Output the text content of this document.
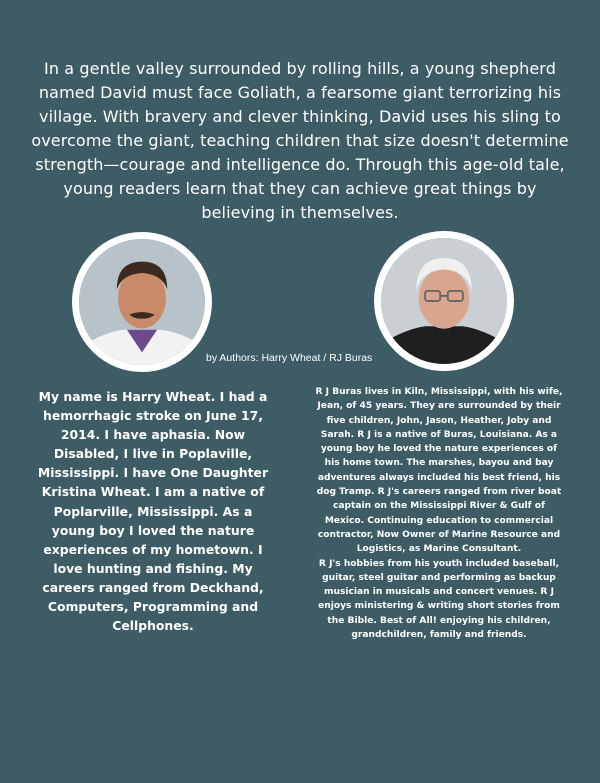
In a gentle valley surrounded by rolling hills, a young shepherd named David must face Goliath, a fearsome giant terrorizing his village. With bravery and clever thinking, David uses his sling to overcome the giant, teaching children that size doesn't determine strength—courage and intelligence do. Through this age-old tale, young readers learn that they can achieve great things by believing in themselves.
by Authors: Harry Wheat / RJ Buras
My name is Harry Wheat. I had a hemorrhagic stroke on June 17, 2014. I have aphasia. Now Disabled, I live in Poplaville, Mississippi. I have One Daughter Kristina Wheat. I am a native of Poplarville, Mississippi. As a young boy I loved the nature experiences of my hometown. I love hunting and fishing. My careers ranged from Deckhand, Computers, Programming and Cellphones.

R J Buras lives in Kiln, Mississippi, with his wife, Jean, of 45 years. They are surrounded by their five children, John, Jason, Heather, Joby and Sarah. R J is a native of Buras, Louisiana. As a young boy he loved the nature experiences of his home town. The marshes, bayou and bay adventures always included his best friend, his dog Tramp. R J's careers ranged from river boat captain on the Mississippi River & Gulf of Mexico. Continuing education to commercial contractor, Now Owner of Marine Resource and Logistics, as Marine Consultant.

R J's hobbies from his youth included baseball, guitar, steel guitar and performing as backup musician in musicals and concert venues. R J enjoys ministering & writing short stories from the Bible. Best of All! enjoying his children, grandchildren, family and friends.
